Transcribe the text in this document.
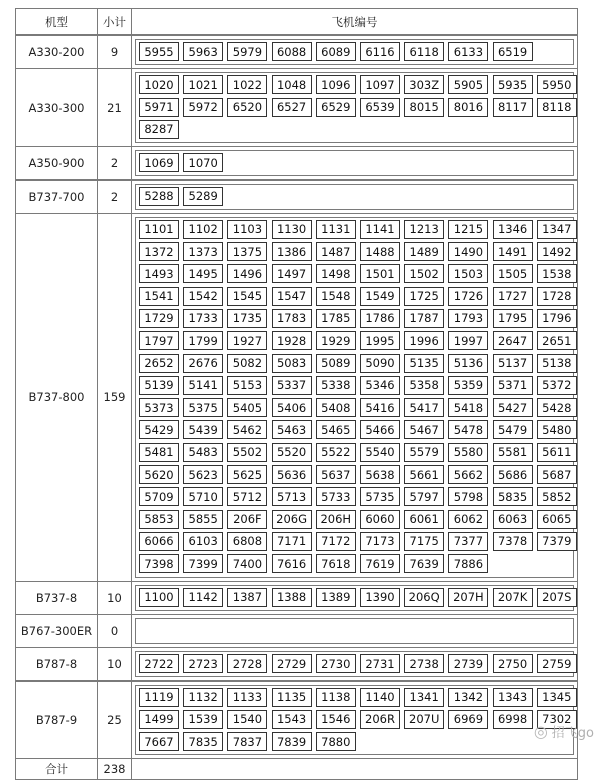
机型	小计	飞机编号
A330-200 9	5955	5963	5979	6088	6089	6116	6118	6133	6519
A330-300 21
1020	1021	1022	1048	1096	1097	303Z	5905	5935	5950
5971	5972	6520	6527	6529	6539	8015	8016	8117	8118
8287
A350-900 2	1069	1070
B737-700 2	5288	5289
B737-800 159
1101	1102	1103	1130	1131	1141	1213	1215	1346	1347
1372	1373	1375	1386	1487	1488	1489	1490	1491	1492
1493	1495	1496	1497	1498	1501	1502	1503	1505	1538
1541	1542	1545	1547	1548	1549	1725	1726	1727	1728
1729	1733	1735	1783	1785	1786	1787	1793	1795	1796
1797	1799	1927	1928	1929	1995	1996	1997	2647	2651
2652	2676	5082	5083	5089	5090	5135	5136	5137	5138
5139	5141	5153	5337	5338	5346	5358	5359	5371	5372
5373	5375	5405	5406	5408	5416	5417	5418	5427	5428
5429	5439	5462	5463	5465	5466	5467	5478	5479	5480
5481	5483	5502	5520	5522	5540	5579	5580	5581	5611
5620	5623	5625	5636	5637	5638	5661	5662	5686	5687
5709	5710	5712	5713	5733	5735	5797	5798	5835	5852
5853	5855	206F	206G	206H	6060	6061	6062	6063	6065
6066	6103	6808	7171	7172	7173	7175	7377	7378	7379
7398	7399	7400	7616	7618	7619	7639	7886
B737-8	10	1100	1142	1387	1388	1389	1390	206Q	207H	207K	207S
B767-300ER 0
B787-8	10	2722	2723	2728	2729	2730	2731	2738	2739	2750	2759
B787-9	25
1119	1132	1133	1135	1138	1140	1341	1342	1343	1345
1499	1539	1540	1543	1546	206R	207U	6969	6998	7302
7667	7835	7837	7839	7880
合计	238
◎ 招飞go
